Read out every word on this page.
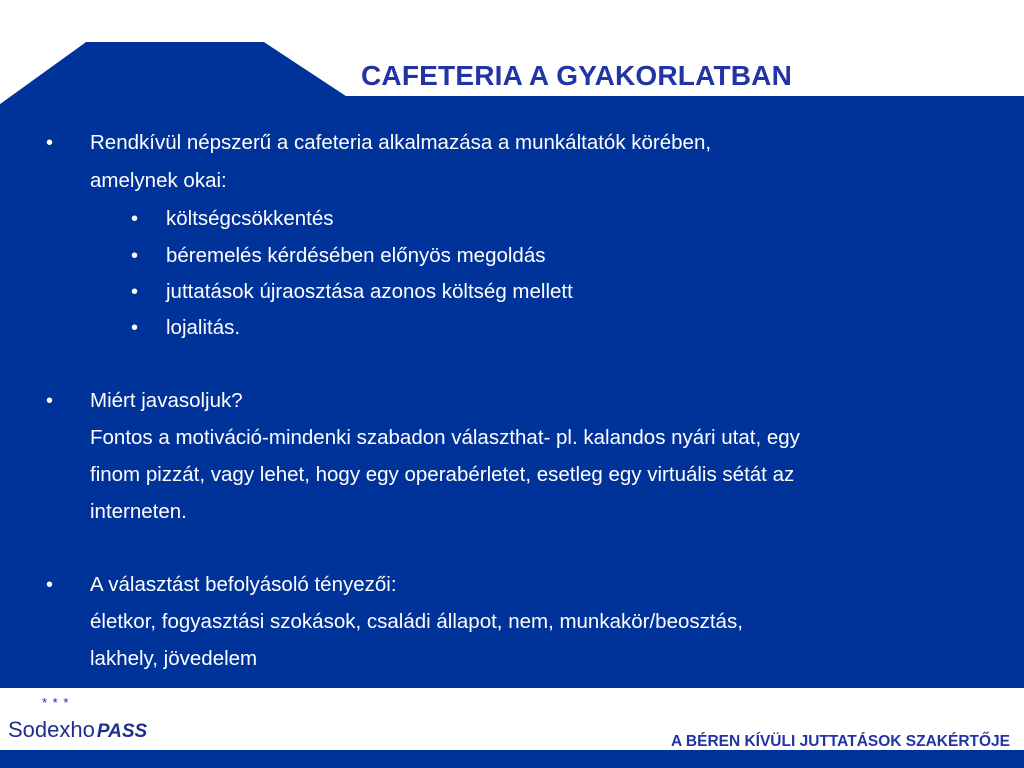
CAFETERIA A GYAKORLATBAN
• Rendkívül népszerű a cafeteria alkalmazása a munkáltatók körében,
amelynek okai:
• költségcsökkentés
• béremelés kérdésében előnyös megoldás
• juttatások újraosztása azonos költség mellett
• lojalitás.
• Miért javasoljuk?
Fontos a motiváció-mindenki szabadon választhat- pl. kalandos nyári utat, egy
finom pizzát, vagy lehet, hogy egy operabérletet, esetleg egy virtuális sétát az
interneten.
• A választást befolyásoló tényezői:
életkor, fogyasztási szokások, családi állapot, nem, munkakör/beosztás,
lakhely, jövedelem
* * *
Sodexho PASS	A BÉREN KÍVÜLI JUTTATÁSOK SZAKÉRTŐJE
